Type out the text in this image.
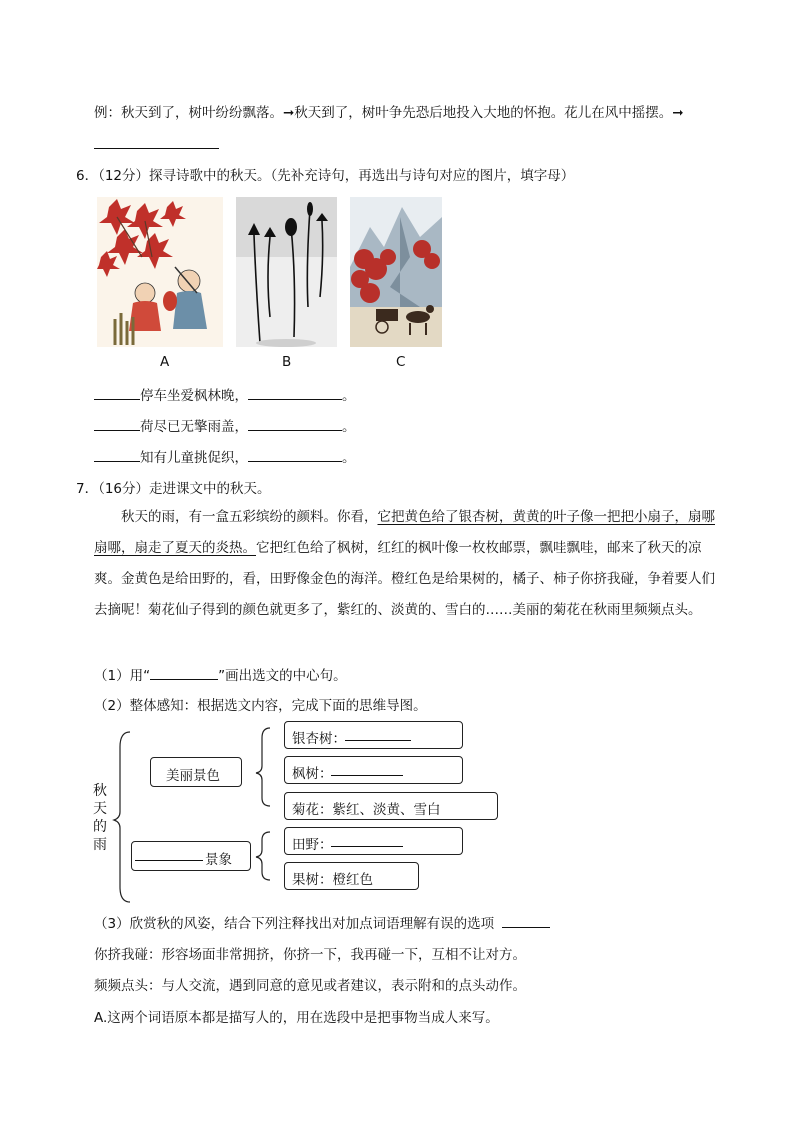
例：秋天到了，树叶纷纷飘落。➞秋天到了，树叶争先恐后地投入大地的怀抱。花儿在风中摇摆。➞
6．（12分）探寻诗歌中的秋天。（先补充诗句，再选出与诗句对应的图片，填字母）
A	B	C
停车坐爱枫林晚，	。
荷尽已无擎雨盖，	。
知有儿童挑促织，	。
7．（16分）走进课文中的秋天。
秋天的雨，有一盒五彩缤纷的颜料。你看，它把黄色给了银杏树，黄黄的叶子像一把把小扇子，扇哪扇哪，扇走了夏天的炎热。它把红色给了枫树，红红的枫叶像一枚枚邮票，飘哇飘哇，邮来了秋天的凉爽。金黄色是给田野的，看，田野像金色的海洋。橙红色是给果树的，橘子、柿子你挤我碰，争着要人们去摘呢！菊花仙子得到的颜色就更多了，紫红的、淡黄的、雪白的……美丽的菊花在秋雨里频频点头。
（1）用“	”画出选文的中心句。
（2）整体感知：根据选文内容，完成下面的思维导图。
秋天的雨
美丽景色
景象
银杏树：
枫树：
菊花：紫红、淡黄、雪白
田野：
果树：橙红色
（3）欣赏秋的风姿，结合下列注释找出对加点词语理解有误的选项
你挤我碰：形容场面非常拥挤，你挤一下，我再碰一下，互相不让对方。
频频点头：与人交流，遇到同意的意见或者建议，表示附和的点头动作。
A.这两个词语原本都是描写人的，用在选段中是把事物当成人来写。
